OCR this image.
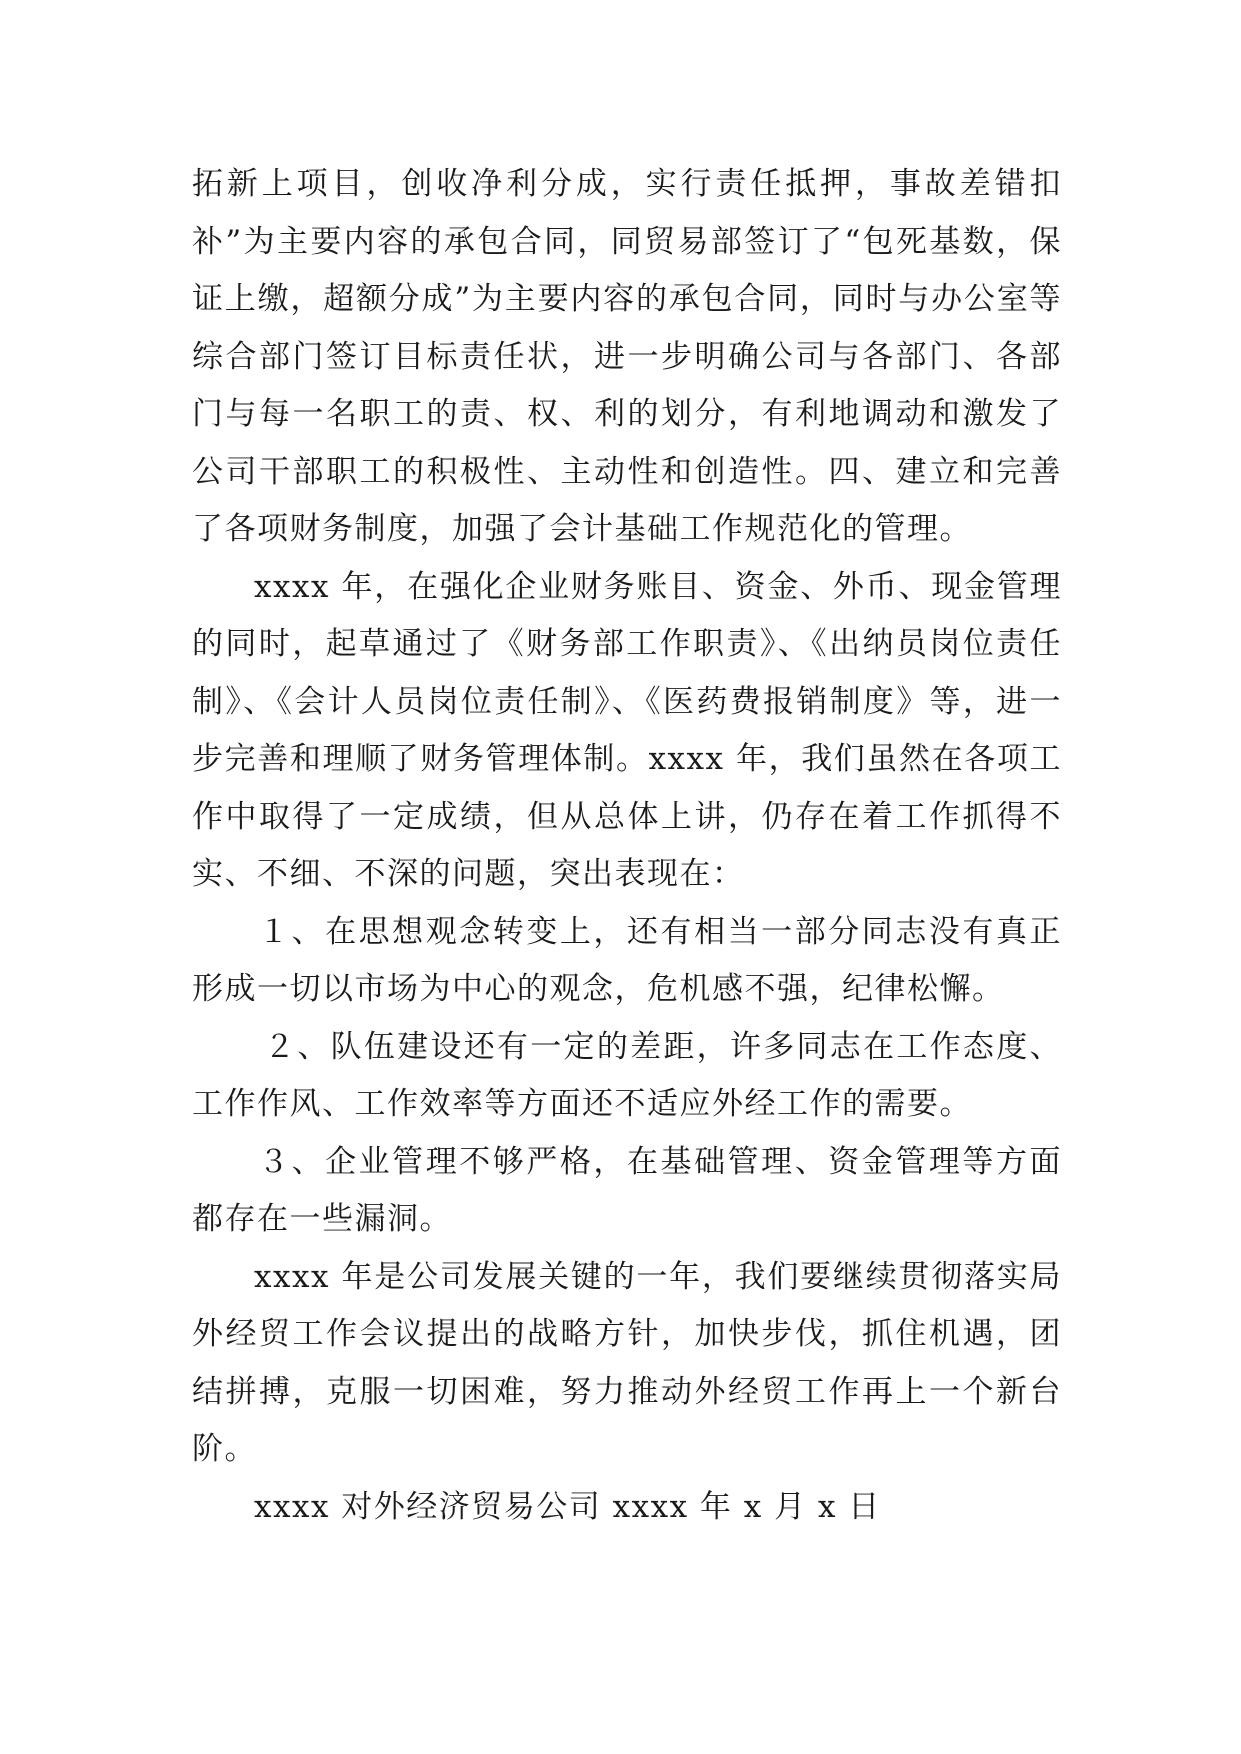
拓新上项目，创收净利分成，实行责任抵押，事故差错扣补”为主要内容的承包合同，同贸易部签订了“包死基数，保证上缴，超额分成”为主要内容的承包合同，同时与办公室等综合部门签订目标责任状，进一步明确公司与各部门、各部门与每一名职工的责、权、利的划分，有利地调动和激发了公司干部职工的积极性、主动性和创造性。四、建立和完善了各项财务制度，加强了会计基础工作规范化的管理。

xxxx 年，在强化企业财务账目、资金、外币、现金管理的同时，起草通过了《财务部工作职责》、《出纳员岗位责任制》、《会计人员岗位责任制》、《医药费报销制度》等，进一步完善和理顺了财务管理体制。xxxx 年，我们虽然在各项工作中取得了一定成绩，但从总体上讲，仍存在着工作抓得不实、不细、不深的问题，突出表现在：

１、在思想观念转变上，还有相当一部分同志没有真正形成一切以市场为中心的观念，危机感不强，纪律松懈。

２、队伍建设还有一定的差距，许多同志在工作态度、工作作风、工作效率等方面还不适应外经工作的需要。

３、企业管理不够严格，在基础管理、资金管理等方面都存在一些漏洞。

xxxx 年是公司发展关键的一年，我们要继续贯彻落实局外经贸工作会议提出的战略方针，加快步伐，抓住机遇，团结拼搏，克服一切困难，努力推动外经贸工作再上一个新台阶。

xxxx 对外经济贸易公司 xxxx 年 x 月 x 日
